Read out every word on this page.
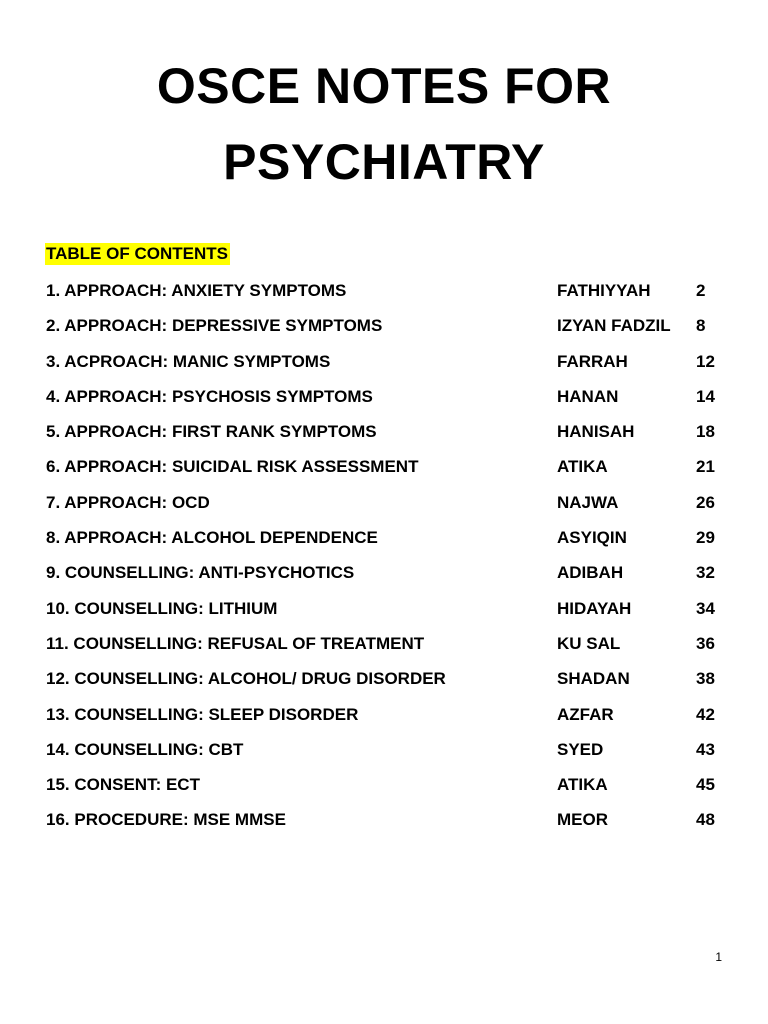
OSCE NOTES FOR
PSYCHIATRY
TABLE OF CONTENTS
1. APPROACH: ANXIETY SYMPTOMS	FATHIYYAH	2
2. APPROACH: DEPRESSIVE SYMPTOMS	IZYAN FADZIL 8
3. ACPROACH: MANIC SYMPTOMS	FARRAH	12
4. APPROACH: PSYCHOSIS SYMPTOMS	HANAN	14
5. APPROACH: FIRST RANK SYMPTOMS	HANISAH	18
6. APPROACH: SUICIDAL RISK ASSESSMENT	ATIKA	21
7. APPROACH: OCD	NAJWA	26
8. APPROACH: ALCOHOL DEPENDENCE	ASYIQIN	29
9. COUNSELLING: ANTI-PSYCHOTICS	ADIBAH	32
10. COUNSELLING: LITHIUM	HIDAYAH	34
11. COUNSELLING: REFUSAL OF TREATMENT	KU SAL	36
12. COUNSELLING: ALCOHOL/ DRUG DISORDER	SHADAN	38
13. COUNSELLING: SLEEP DISORDER	AZFAR	42
14. COUNSELLING: CBT	SYED	43
15. CONSENT: ECT	ATIKA	45
16. PROCEDURE: MSE MMSE	MEOR	48
1
